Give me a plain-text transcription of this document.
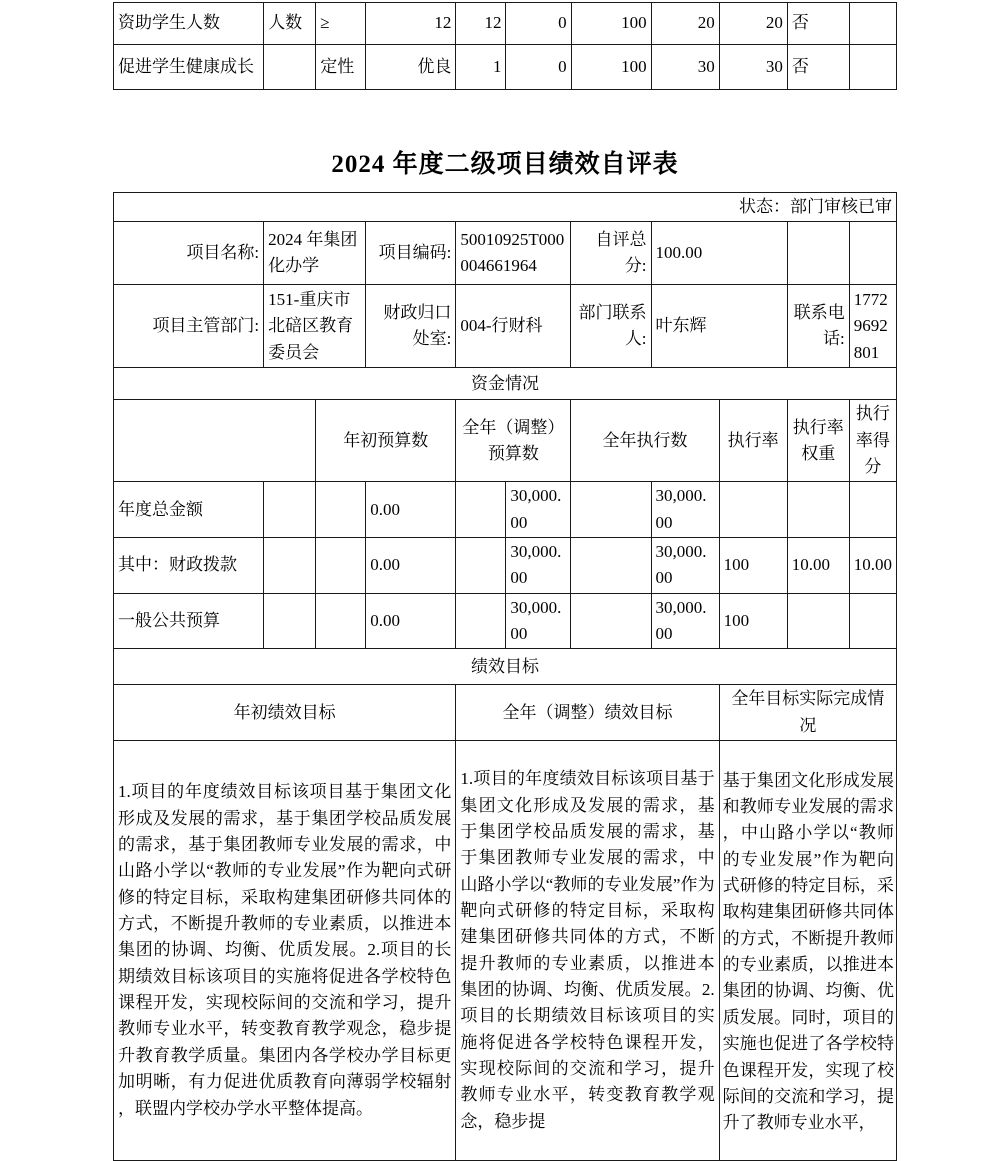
资助学生人数	人数	≥	12	12	0	100	20	20	否	
促进学生健康成长		定性	优良	1	0	100	30	30	否	
2024 年度二级项目绩效自评表
状态：部门审核已审										
项目名称:	2024 年集团化办学		项目编码:	50010925T000004661964		自评总分:	100.00			
项目主管部门:	151-重庆市北碚区教育委员会		财政归口处室:	004-行财科		部门联系人:	叶东辉		联系电话:	17729692801
资金情况										
		年初预算数		全年（调整）预算数		全年执行数		执行率	执行率权重	执行率得分
年度总金额			0.00		30,000.00		30,000.00			
其中：财政拨款			0.00		30,000.00		30,000.00	100	10.00	10.00
一般公共预算			0.00		30,000.00		30,000.00	100		
绩效目标										
年初绩效目标				全年（调整）绩效目标				全年目标实际完成情况		
1.项目的年度绩效目标该项目基于集团文化形成及发展的需求，基于集团学校品质发展的需求，基于集团教师专业发展的需求，中山路小学以“教师的专业发展”作为靶向式研修的特定目标，采取构建集团研修共同体的方式，不断提升教师的专业素质，以推进本集团的协调、均衡、优质发展。2.项目的长期绩效目标该项目的实施将促进各学校特色课程开发，实现校际间的交流和学习，提升教师专业水平，转变教育教学观念，稳步提升教育教学质量。集团内各学校办学目标更加明晰，有力促进优质教育向薄弱学校辐射，联盟内学校办学水平整体提高。				1.项目的年度绩效目标该项目基于集团文化形成及发展的需求，基于集团学校品质发展的需求，基于集团教师专业发展的需求，中山路小学以“教师的专业发展”作为靶向式研修的特定目标，采取构建集团研修共同体的方式，不断提升教师的专业素质，以推进本集团的协调、均衡、优质发展。2.项目的长期绩效目标该项目的实施将促进各学校特色课程开发，实现校际间的交流和学习，提升教师专业水平，转变教育教学观念，稳步提				基于集团文化形成发展和教师专业发展的需求，中山路小学以“教师的专业发展”作为靶向式研修的特定目标，采取构建集团研修共同体的方式，不断提升教师的专业素质，以推进本集团的协调、均衡、优质发展。同时，项目的实施也促进了各学校特色课程开发，实现了校际间的交流和学习，提升了教师专业水平，		
